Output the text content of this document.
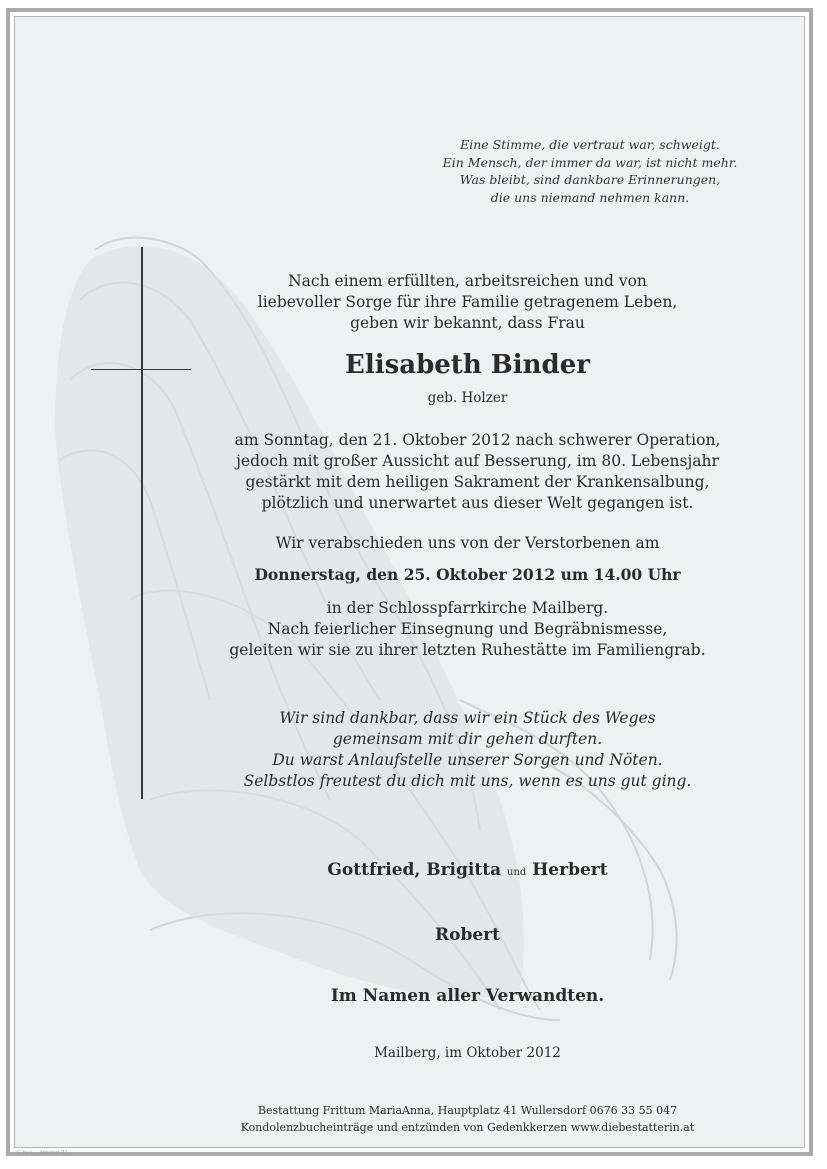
Eine Stimme, die vertraut war, schweigt.
Ein Mensch, der immer da war, ist nicht mehr.
Was bleibt, sind dankbare Erinnerungen,
die uns niemand nehmen kann.
Nach einem erfüllten, arbeitsreichen und von
liebevoller Sorge für ihre Familie getragenem Leben,
geben wir bekannt, dass Frau
Elisabeth Binder
geb. Holzer
am Sonntag, den 21. Oktober 2012 nach schwerer Operation,
jedoch mit großer Aussicht auf Besserung, im 80. Lebensjahr
gestärkt mit dem heiligen Sakrament der Krankensalbung,
plötzlich und unerwartet aus dieser Welt gegangen ist.
Wir verabschieden uns von der Verstorbenen am
Donnerstag, den 25. Oktober 2012 um 14.00 Uhr
in der Schlosspfarrkirche Mailberg.
Nach feierlicher Einsegnung und Begräbnismesse,
geleiten wir sie zu ihrer letzten Ruhestätte im Familiengrab.
Wir sind dankbar, dass wir ein Stück des Weges
gemeinsam mit dir gehen durften.
Du warst Anlaufstelle unserer Sorgen und Nöten.
Selbstlos freutest du dich mit uns, wenn es uns gut ging.
Gottfried, Brigitta und Herbert
Robert
Im Namen aller Verwandten.
Mailberg, im Oktober 2012
Bestattung Frittum MariaAnna, Hauptplatz 41 Wullersdorf 0676 33 55 047
Kondolenzbucheinträge und entzünden von Gedenkkerzen www.diebestatterin.at
© by L. - Abrahat 02
